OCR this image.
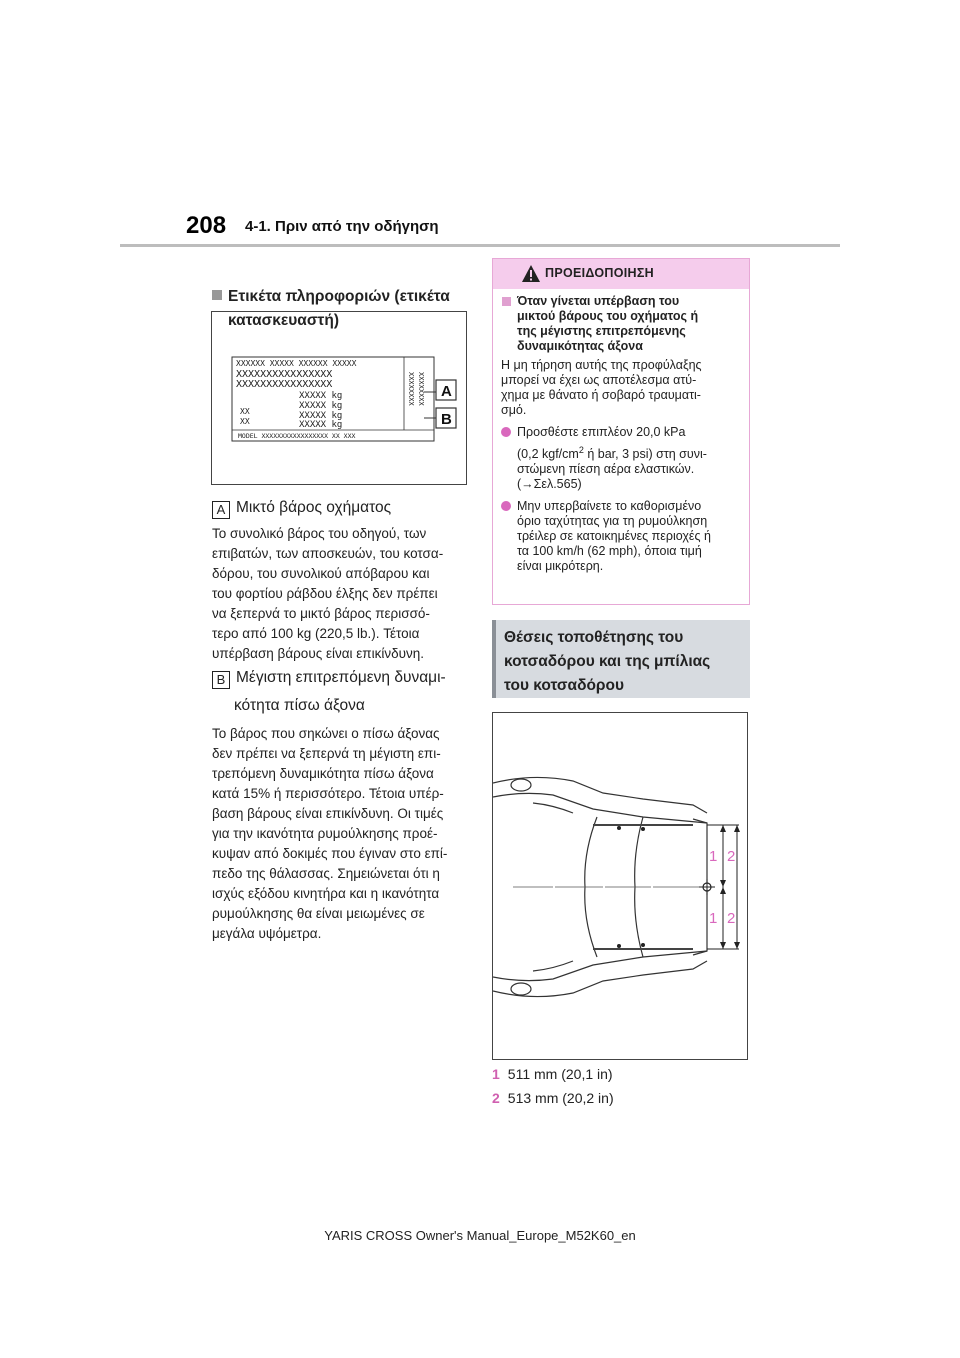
208 4-1. Πριν από την οδήγηση
Ετικέτα πληροφοριών (ετικέτα
κατασκευαστή)
XXXXXX XXXXX XXXXXX XXXXX
XXXXXXXXXXXXXXXX
XXXXXXXXXXXXXXXX
XXXXX kg
XXXXX kg
XXXXX kg
XXXXX kg
XX
XX
MODEL XXXXXXXXXXXXXXXXX XX XXX
XXXXXXXX XXXXXXXX A
B
A Μικτό βάρος οχήματος
Το συνολικό βάρος του οδηγού, των
επιβατών, των αποσκευών, του κοτσα-
δόρου, του συνολικού απόβαρου και
του φορτίου ράβδου έλξης δεν πρέπει
να ξεπερνά το μικτό βάρος περισσό-
τερο από 100 kg (220,5 lb.). Τέτοια
υπέρβαση βάρους είναι επικίνδυνη.
B Μέγιστη επιτρεπόμενη δυναμι-
κότητα πίσω άξονα
Το βάρος που σηκώνει ο πίσω άξονας
δεν πρέπει να ξεπερνά τη μέγιστη επι-
τρεπόμενη δυναμικότητα πίσω άξονα
κατά 15% ή περισσότερο. Τέτοια υπέρ-
βαση βάρους είναι επικίνδυνη. Οι τιμές
για την ικανότητα ρυμούλκησης προέ-
κυψαν από δοκιμές που έγιναν στο επί-
πεδο της θάλασσας. Σημειώνεται ότι η
ισχύς εξόδου κινητήρα και η ικανότητα
ρυμούλκησης θα είναι μειωμένες σε
μεγάλα υψόμετρα.
ΠΡΟΕΙΔΟΠΟΙΗΣΗ
Όταν γίνεται υπέρβαση του
μικτού βάρους του οχήματος ή
της μέγιστης επιτρεπόμενης
δυναμικότητας άξονα
Η μη τήρηση αυτής της προφύλαξης
μπορεί να έχει ως αποτέλεσμα ατύ-
χημα με θάνατο ή σοβαρό τραυματι-
σμό.
Προσθέστε επιπλέον 20,0 kPa
(0,2 kgf/$cm^2$ ή bar, 3 psi) στη συνι-
στώμενη πίεση αέρα ελαστικών.
(→Σελ.565)
Μην υπερβαίνετε το καθορισμένο
όριο ταχύτητας για τη ρυμούλκηση
τρέιλερ σε κατοικημένες περιοχές ή
τα 100 km/h (62 mph), όποια τιμή
είναι μικρότερη.
Θέσεις τοποθέτησης του
κοτσαδόρου και της μπίλιας
του κοτσαδόρου
1 2
1 2
1 511 mm (20,1 in)
2 513 mm (20,2 in)
YARIS CROSS Owner's Manual_Europe_M52K60_en
